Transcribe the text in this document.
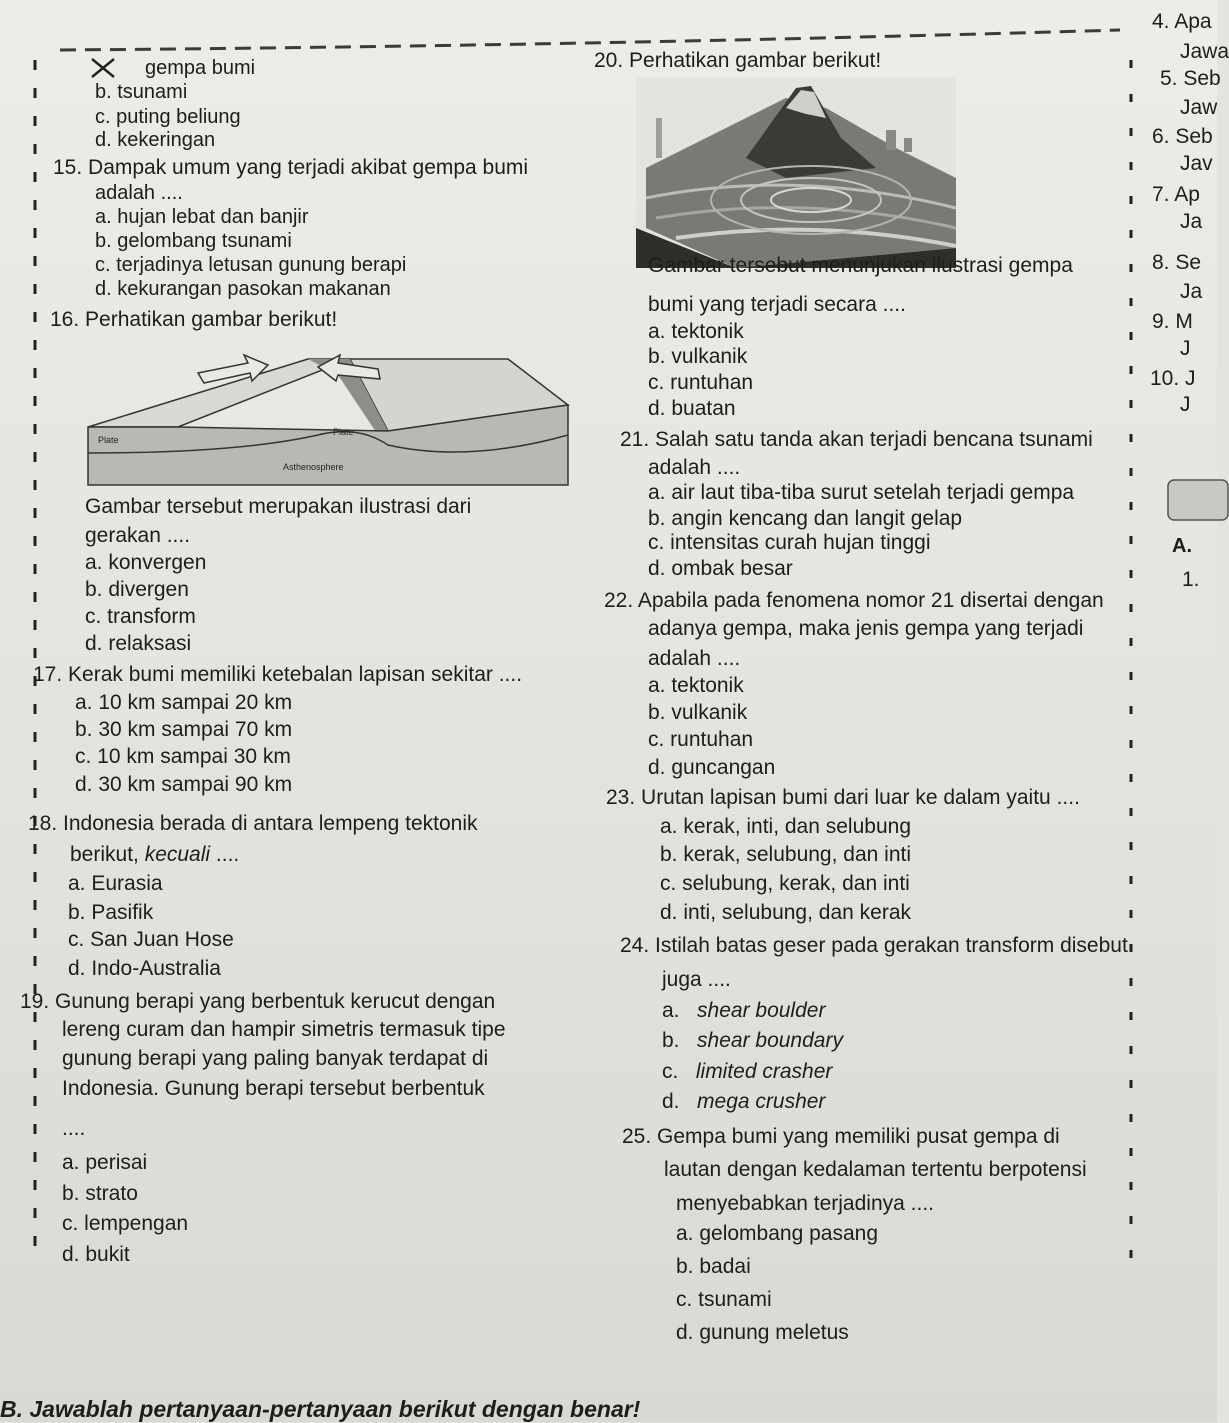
gempa bumi
b. tsunami
c. puting beliung
d. kekeringan
15. Dampak umum yang terjadi akibat gempa bumi
adalah ....
a. hujan lebat dan banjir
b. gelombang tsunami
c. terjadinya letusan gunung berapi
d. kekurangan pasokan makanan
16. Perhatikan gambar berikut!
Plate
Plate
Asthenosphere
Gambar tersebut merupakan ilustrasi dari
gerakan ....
a. konvergen
b. divergen
c. transform
d. relaksasi
17. Kerak bumi memiliki ketebalan lapisan sekitar ....
a. 10 km sampai 20 km
b. 30 km sampai 70 km
c. 10 km sampai 30 km
d. 30 km sampai 90 km
18. Indonesia berada di antara lempeng tektonik
berikut, kecuali ....
a. Eurasia
b. Pasifik
c. San Juan Hose
d. Indo-Australia
19. Gunung berapi yang berbentuk kerucut dengan
lereng curam dan hampir simetris termasuk tipe
gunung berapi yang paling banyak terdapat di
Indonesia. Gunung berapi tersebut berbentuk
....
a. perisai
b. strato
c. lempengan
d. bukit
20. Perhatikan gambar berikut!
Gambar tersebut menunjukan ilustrasi gempa
bumi yang terjadi secara ....
a. tektonik
b. vulkanik
c. runtuhan
d. buatan
21. Salah satu tanda akan terjadi bencana tsunami
adalah ....
a. air laut tiba-tiba surut setelah terjadi gempa
b. angin kencang dan langit gelap
c. intensitas curah hujan tinggi
d. ombak besar
22. Apabila pada fenomena nomor 21 disertai dengan
adanya gempa, maka jenis gempa yang terjadi
adalah ....
a. tektonik
b. vulkanik
c. runtuhan
d. guncangan
23. Urutan lapisan bumi dari luar ke dalam yaitu ....
a. kerak, inti, dan selubung
b. kerak, selubung, dan inti
c. selubung, kerak, dan inti
d. inti, selubung, dan kerak
24. Istilah batas geser pada gerakan transform disebut
juga ....
a. shear boulder
b. shear boundary
c. limited crasher
d. mega crusher
25. Gempa bumi yang memiliki pusat gempa di
lautan dengan kedalaman tertentu berpotensi
menyebabkan terjadinya ....
a. gelombang pasang
b. badai
c. tsunami
d. gunung meletus
4. Apa
Jawa
5. Seb
Jaw
6. Seb
Jav
7. Ap
Ja
8. Se
Ja
9. M
J
10. J
J
A.
1.
B. Jawablah pertanyaan-pertanyaan berikut dengan benar!
